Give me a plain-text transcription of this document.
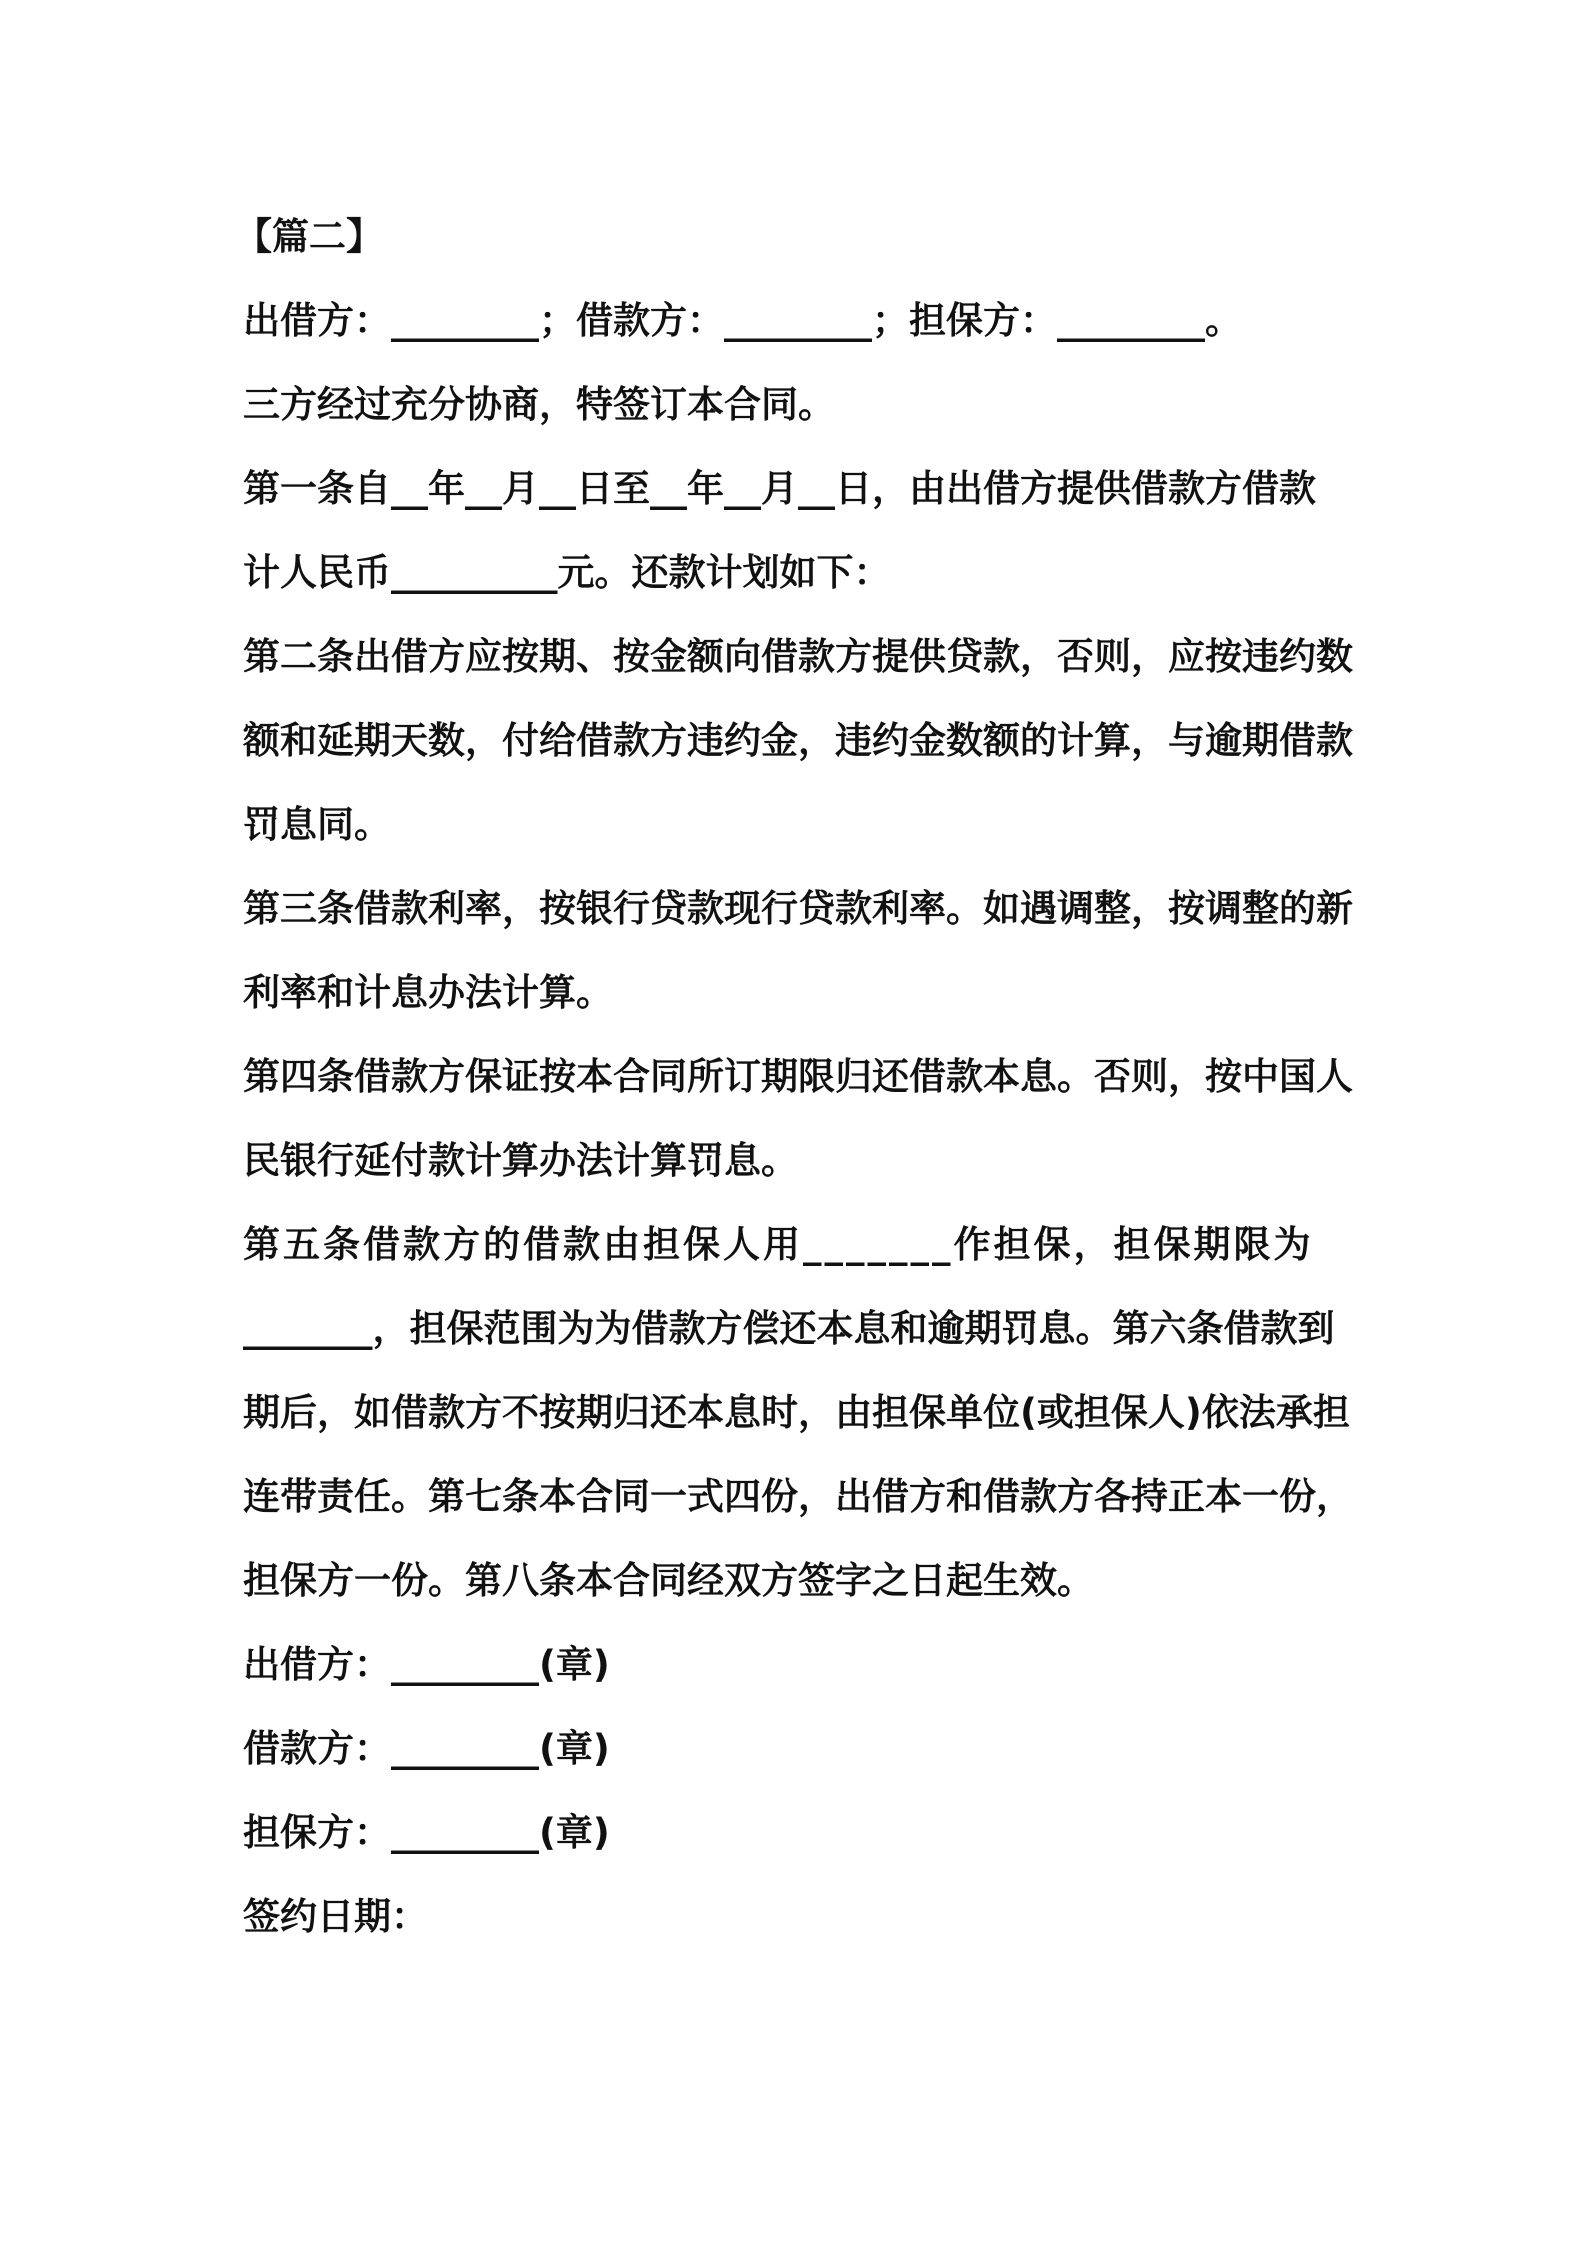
【篇二】

出借方：________；借款方：________；担保方：________。

三方经过充分协商，特签订本合同。

第一条自__年__月__日至__年__月__日，由出借方提供借款方借款

计人民币_________元。还款计划如下：

第二条出借方应按期、按金额向借款方提供贷款，否则，应按违约数

额和延期天数，付给借款方违约金，违约金数额的计算，与逾期借款

罚息同。

第三条借款利率，按银行贷款现行贷款利率。如遇调整，按调整的新

利率和计息办法计算。

第四条借款方保证按本合同所订期限归还借款本息。否则，按中国人

民银行延付款计算办法计算罚息。

第五条借款方的借款由担保人用_______作担保，担保期限为

_______，担保范围为为借款方偿还本息和逾期罚息。第六条借款到

期后，如借款方不按期归还本息时，由担保单位(或担保人)依法承担

连带责任。第七条本合同一式四份，出借方和借款方各持正本一份，

担保方一份。第八条本合同经双方签字之日起生效。

出借方：________(章)

借款方：________(章)

担保方：________(章)

签约日期：
